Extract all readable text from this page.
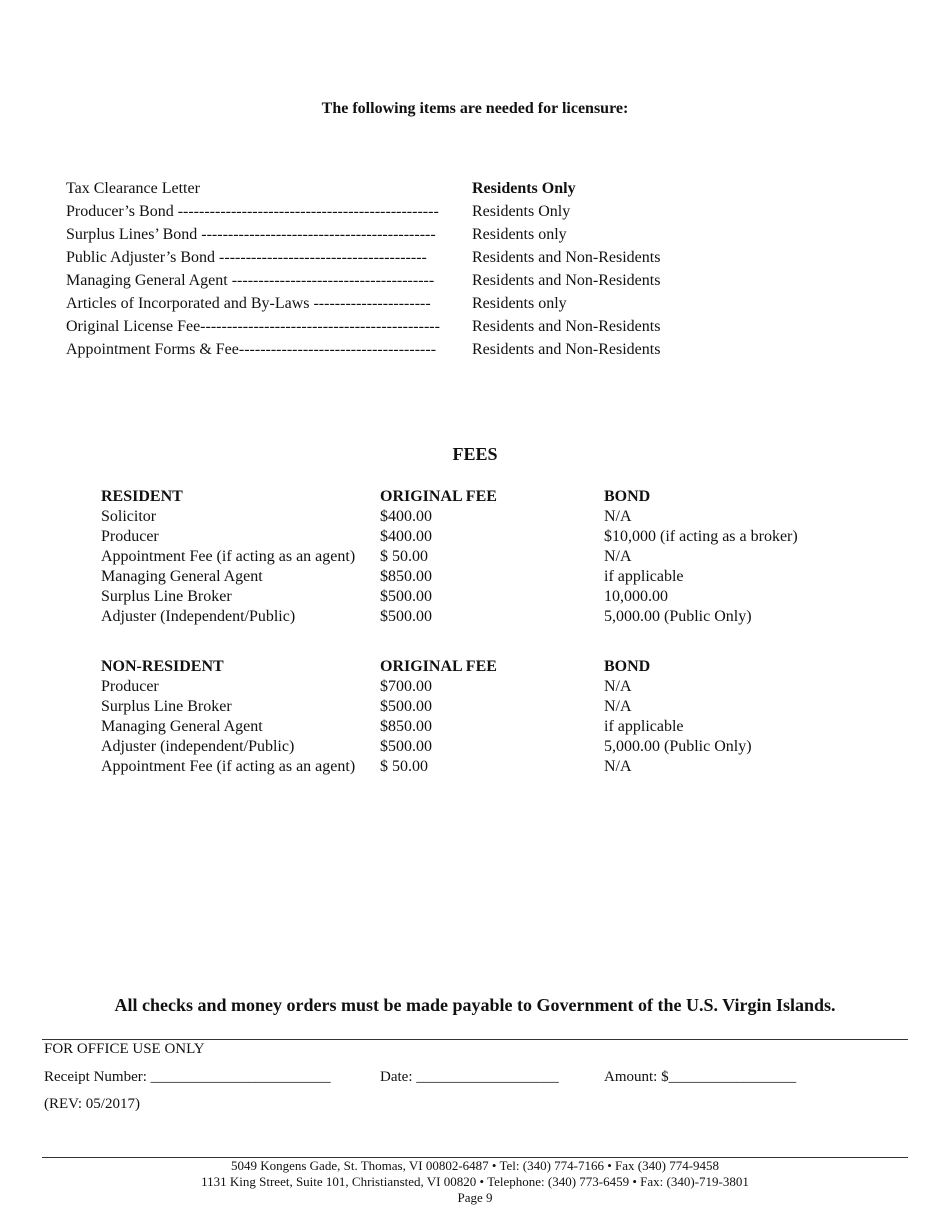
The following items are needed for licensure:
Tax Clearance Letter	Residents Only
Producer’s Bond ------------------------------------------------- Residents Only
Surplus Lines’ Bond -------------------------------------------- Residents only
Public Adjuster’s Bond ---------------------------------------	Residents and Non-Residents
Managing General Agent -------------------------------------- Residents and Non-Residents
Articles of Incorporated and By-Laws ----------------------	Residents only
Original License Fee--------------------------------------------- Residents and Non-Residents
Appointment Forms & Fee------------------------------------- Residents and Non-Residents
FEES
RESIDENT	ORIGINAL FEE	BOND
Solicitor	$400.00	N/A
Producer	$400.00	$10,000 (if acting as a broker)
Appointment Fee (if acting as an agent) $ 50.00	N/A
Managing General Agent	$850.00	if applicable
Surplus Line Broker	$500.00	10,000.00
Adjuster (Independent/Public)	$500.00	5,000.00 (Public Only)
NON-RESIDENT	ORIGINAL FEE	BOND
Producer	$700.00	N/A
Surplus Line Broker	$500.00	N/A
Managing General Agent	$850.00	if applicable
Adjuster (independent/Public)	$500.00	5,000.00 (Public Only)
Appointment Fee (if acting as an agent) $ 50.00	N/A
All checks and money orders must be made payable to Government of the U.S. Virgin Islands.
FOR OFFICE USE ONLY
Receipt Number: ________________________	Date: ___________________	Amount: $_________________
(REV: 05/2017)
5049 Kongens Gade, St. Thomas, VI 00802-6487 • Tel: (340) 774-7166 • Fax (340) 774-9458
1131 King Street, Suite 101, Christiansted, VI 00820 • Telephone: (340) 773-6459 • Fax: (340)-719-3801
Page 9
